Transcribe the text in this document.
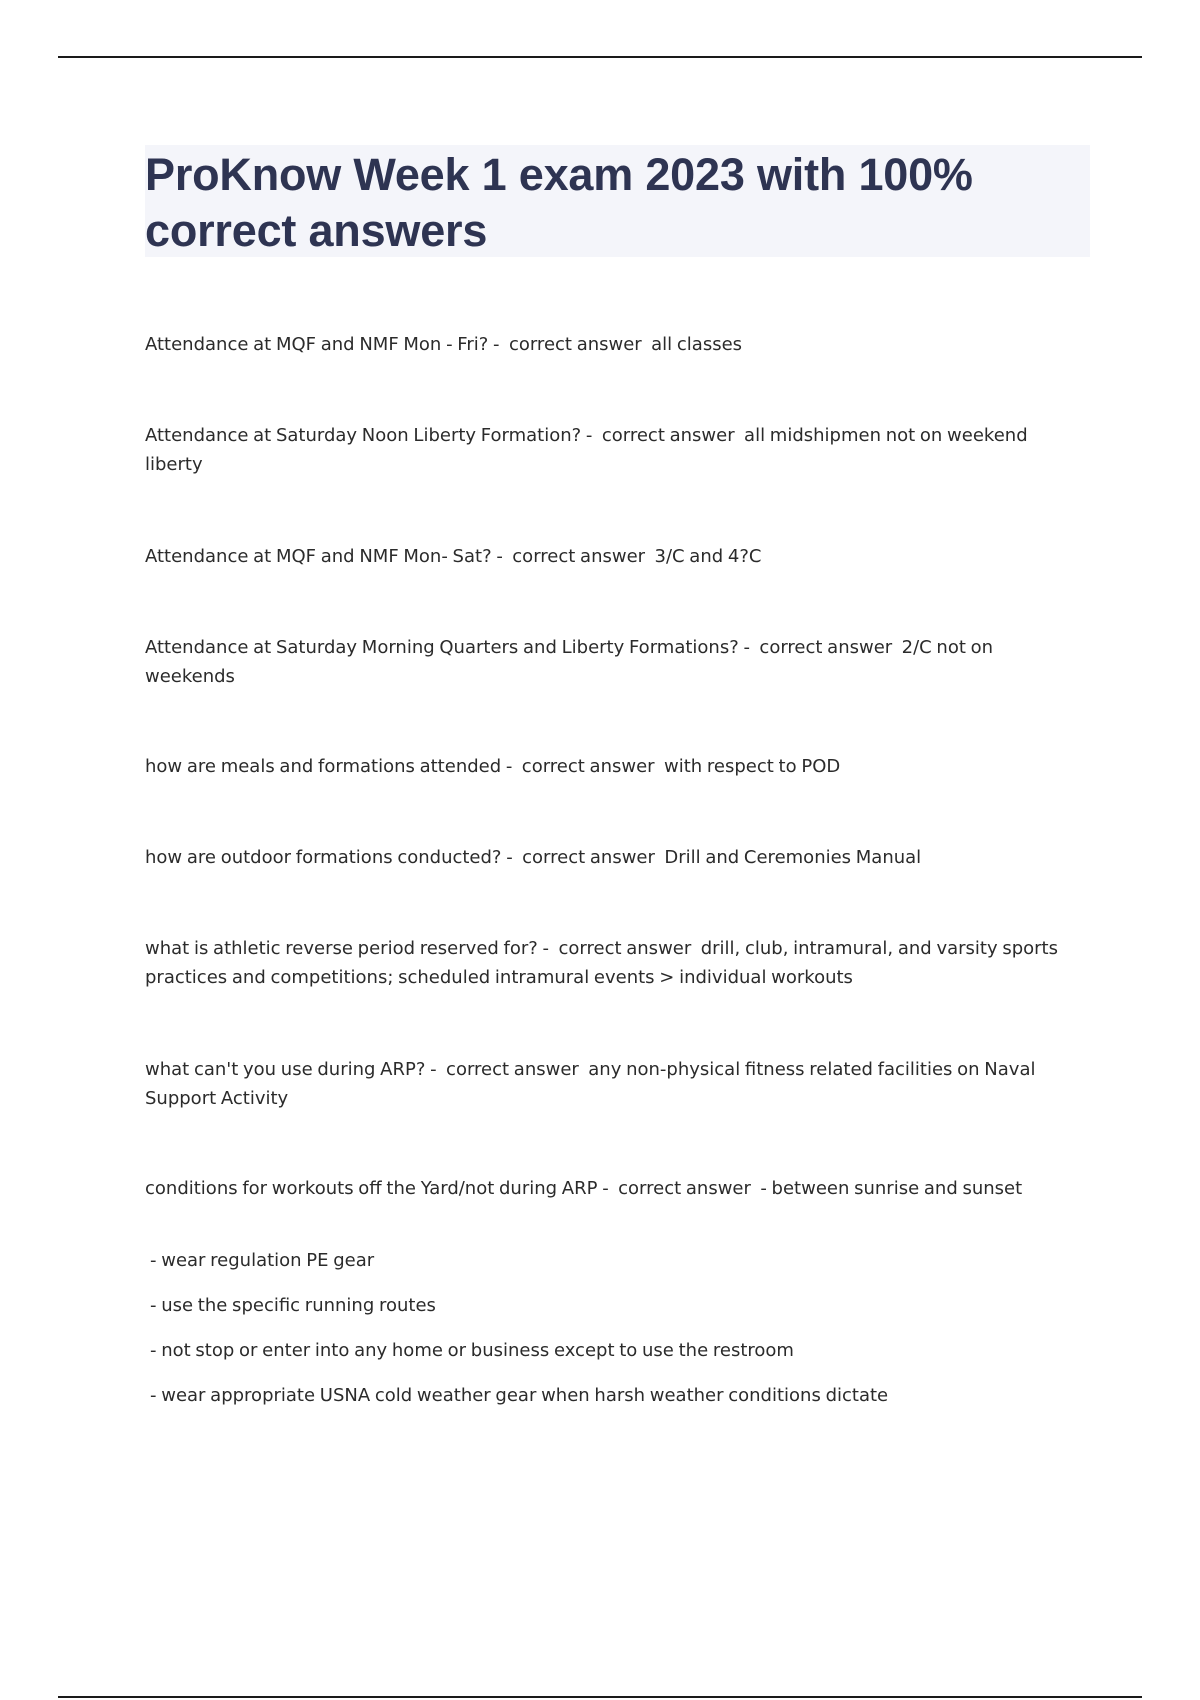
ProKnow Week 1 exam 2023 with 100% correct answers
Attendance at MQF and NMF Mon - Fri? -  correct answer  all classes
Attendance at Saturday Noon Liberty Formation? -  correct answer  all midshipmen not on weekend liberty
Attendance at MQF and NMF Mon- Sat? -  correct answer  3/C and 4?C
Attendance at Saturday Morning Quarters and Liberty Formations? -  correct answer  2/C not on weekends
how are meals and formations attended -  correct answer  with respect to POD
how are outdoor formations conducted? -  correct answer  Drill and Ceremonies Manual
what is athletic reverse period reserved for? -  correct answer  drill, club, intramural, and varsity sports practices and competitions; scheduled intramural events > individual workouts
what can't you use during ARP? -  correct answer  any non-physical fitness related facilities on Naval Support Activity
conditions for workouts off the Yard/not during ARP -  correct answer  - between sunrise and sunset
- wear regulation PE gear
- use the specific running routes
- not stop or enter into any home or business except to use the restroom
- wear appropriate USNA cold weather gear when harsh weather conditions dictate
